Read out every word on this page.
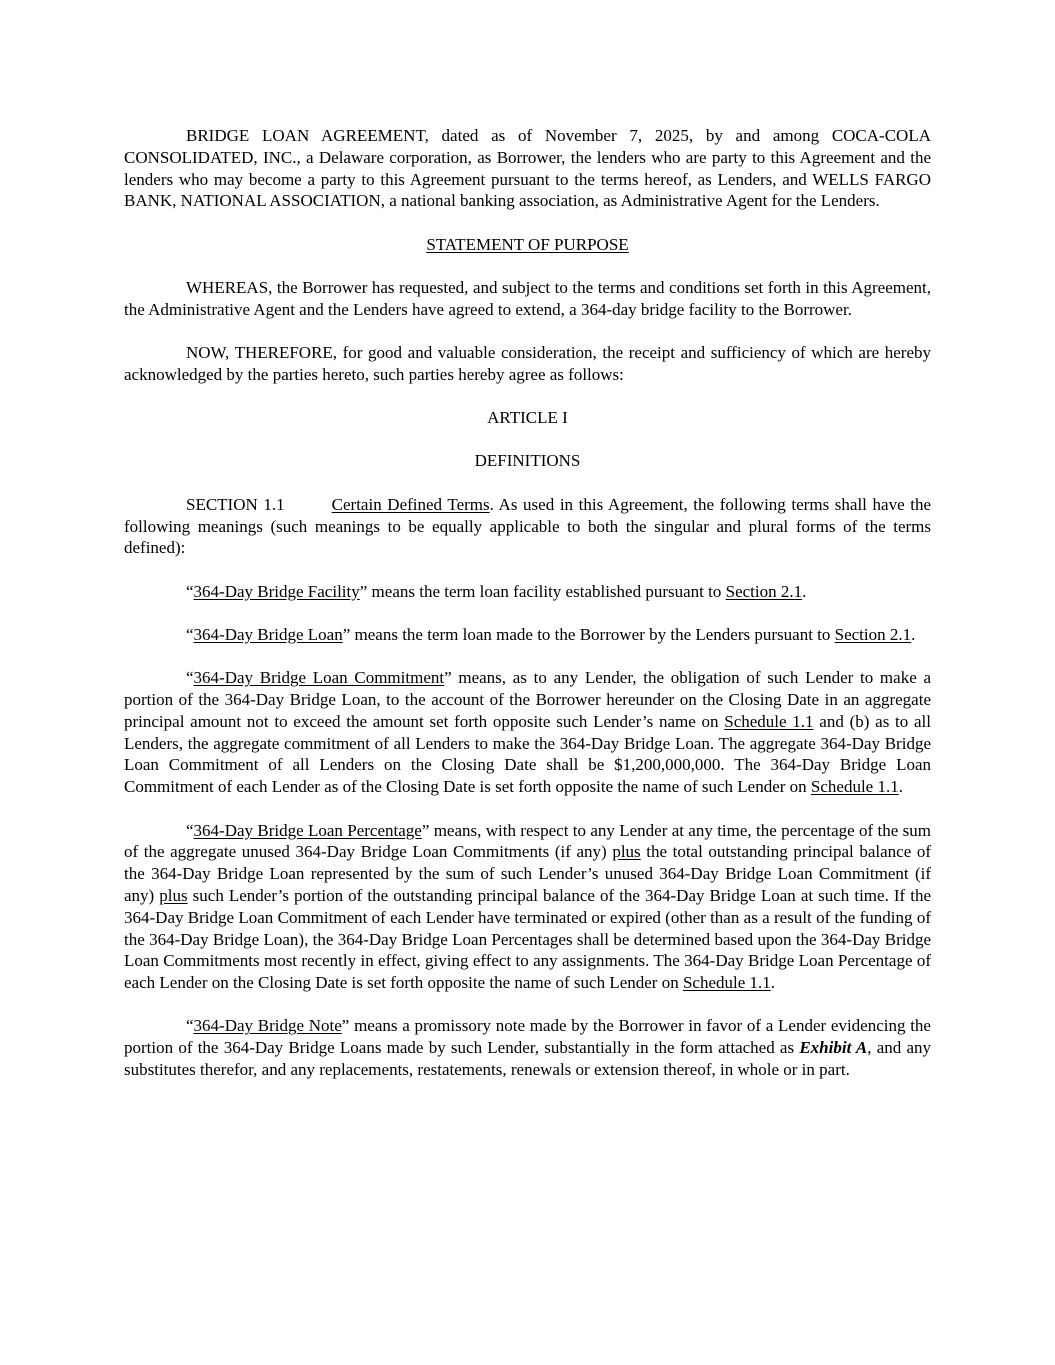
BRIDGE LOAN AGREEMENT, dated as of November 7, 2025, by and among COCA-COLA CONSOLIDATED, INC., a Delaware corporation, as Borrower, the lenders who are party to this Agreement and the lenders who may become a party to this Agreement pursuant to the terms hereof, as Lenders, and WELLS FARGO BANK, NATIONAL ASSOCIATION, a national banking association, as Administrative Agent for the Lenders.

STATEMENT OF PURPOSE

WHEREAS, the Borrower has requested, and subject to the terms and conditions set forth in this Agreement, the Administrative Agent and the Lenders have agreed to extend, a 364-day bridge facility to the Borrower.

NOW, THEREFORE, for good and valuable consideration, the receipt and sufficiency of which are hereby acknowledged by the parties hereto, such parties hereby agree as follows:

ARTICLE I
DEFINITIONS

SECTION 1.1	Certain Defined Terms. As used in this Agreement, the following terms shall have the following meanings (such meanings to be equally applicable to both the singular and plural forms of the terms defined):

“364-Day Bridge Facility” means the term loan facility established pursuant to Section 2.1.

“364-Day Bridge Loan” means the term loan made to the Borrower by the Lenders pursuant to Section 2.1.

“364-Day Bridge Loan Commitment” means, as to any Lender, the obligation of such Lender to make a portion of the 364-Day Bridge Loan, to the account of the Borrower hereunder on the Closing Date in an aggregate principal amount not to exceed the amount set forth opposite such Lender’s name on Schedule 1.1 and (b) as to all Lenders, the aggregate commitment of all Lenders to make the 364-Day Bridge Loan. The aggregate 364-Day Bridge Loan Commitment of all Lenders on the Closing Date shall be $1,200,000,000. The 364-Day Bridge Loan Commitment of each Lender as of the Closing Date is set forth opposite the name of such Lender on Schedule 1.1.

“364-Day Bridge Loan Percentage” means, with respect to any Lender at any time, the percentage of the sum of the aggregate unused 364-Day Bridge Loan Commitments (if any) plus the total outstanding principal balance of the 364-Day Bridge Loan represented by the sum of such Lender’s unused 364-Day Bridge Loan Commitment (if any) plus such Lender’s portion of the outstanding principal balance of the 364-Day Bridge Loan at such time. If the 364-Day Bridge Loan Commitment of each Lender have terminated or expired (other than as a result of the funding of the 364-Day Bridge Loan), the 364-Day Bridge Loan Percentages shall be determined based upon the 364-Day Bridge Loan Commitments most recently in effect, giving effect to any assignments. The 364-Day Bridge Loan Percentage of each Lender on the Closing Date is set forth opposite the name of such Lender on Schedule 1.1.

“364-Day Bridge Note” means a promissory note made by the Borrower in favor of a Lender evidencing the portion of the 364-Day Bridge Loans made by such Lender, substantially in the form attached as Exhibit A, and any substitutes therefor, and any replacements, restatements, renewals or extension thereof, in whole or in part.
